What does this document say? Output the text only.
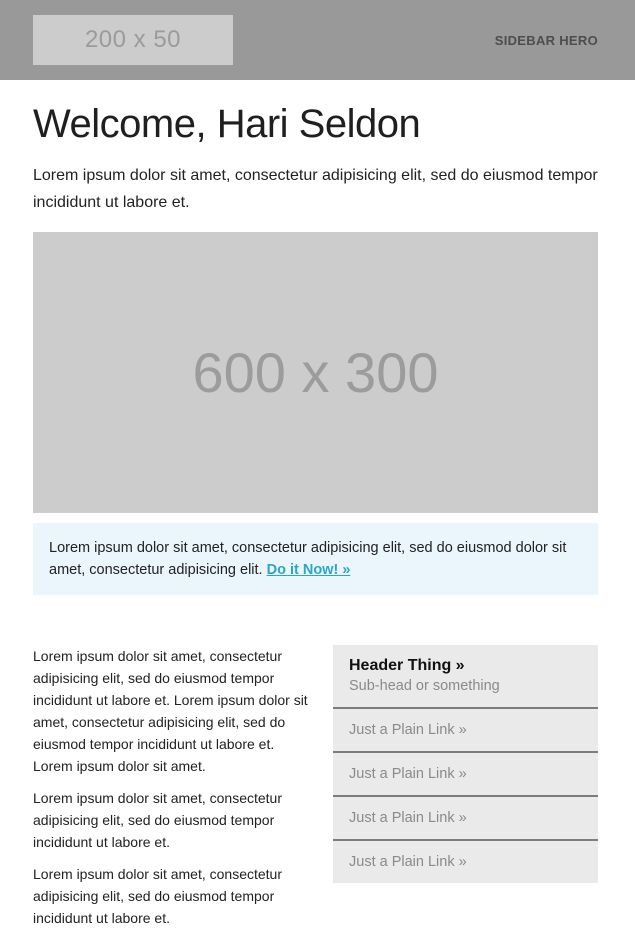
200 x 50	SIDEBAR HERO
Welcome, Hari Seldon

Lorem ipsum dolor sit amet, consectetur adipisicing elit, sed do eiusmod tempor incididunt ut labore et.

600 x 300
Lorem ipsum dolor sit amet, consectetur adipisicing elit, sed do eiusmod dolor sit amet, consectetur adipisicing elit. Do it Now! »

Lorem ipsum dolor sit amet, consectetur adipisicing elit, sed do eiusmod tempor incididunt ut labore et. Lorem ipsum dolor sit amet, consectetur adipisicing elit, sed do eiusmod tempor incididunt ut labore et. Lorem ipsum dolor sit amet.

Lorem ipsum dolor sit amet, consectetur adipisicing elit, sed do eiusmod tempor incididunt ut labore et.

Lorem ipsum dolor sit amet, consectetur adipisicing elit, sed do eiusmod tempor incididunt ut labore et.

Header Thing »
Sub-head or something
Just a Plain Link »
Just a Plain Link »
Just a Plain Link »
Just a Plain Link »
